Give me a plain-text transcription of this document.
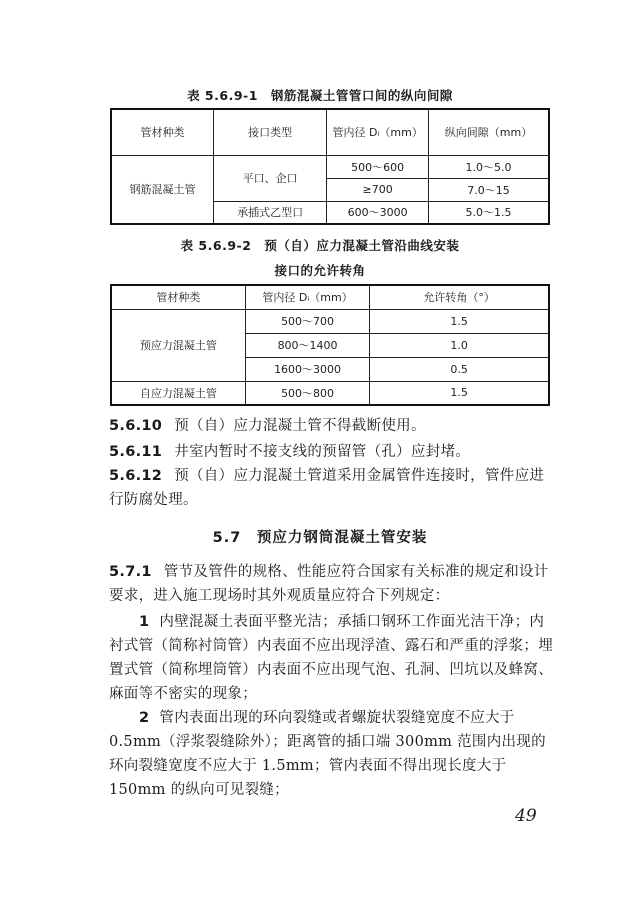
表 5.6.9-1　钢筋混凝土管管口间的纵向间隙
管材种类	接口类型	管内径 Dᵢ（mm）	纵向间隙（mm）
钢筋混凝土管	平口、企口	500～600	1.0～5.0
		≥700	7.0～15
	承插式乙型口	600～3000	5.0～1.5
表 5.6.9-2　预（自）应力混凝土管沿曲线安装
接口的允许转角
管材种类	管内径 Dᵢ（mm）	允许转角（°）
预应力混凝土管	500～700	1.5
	800～1400	1.0
	1600～3000	0.5
自应力混凝土管	500～800	1.5
5.6.10 预（自）应力混凝土管不得截断使用。
5.6.11 井室内暂时不接支线的预留管（孔）应封堵。
5.6.12 预（自）应力混凝土管道采用金属管件连接时，管件应进行防腐处理。
5.7　预应力钢筒混凝土管安装
5.7.1 管节及管件的规格、性能应符合国家有关标准的规定和设计要求，进入施工现场时其外观质量应符合下列规定：
1 内壁混凝土表面平整光洁；承插口钢环工作面光洁干净；内衬式管（简称衬筒管）内表面不应出现浮渣、露石和严重的浮浆；埋置式管（简称埋筒管）内表面不应出现气泡、孔洞、凹坑以及蜂窝、麻面等不密实的现象；
2 管内表面出现的环向裂缝或者螺旋状裂缝宽度不应大于0.5mm（浮浆裂缝除外）；距离管的插口端 300mm 范围内出现的环向裂缝宽度不应大于 1.5mm；管内表面不得出现长度大于150mm 的纵向可见裂缝；
49
